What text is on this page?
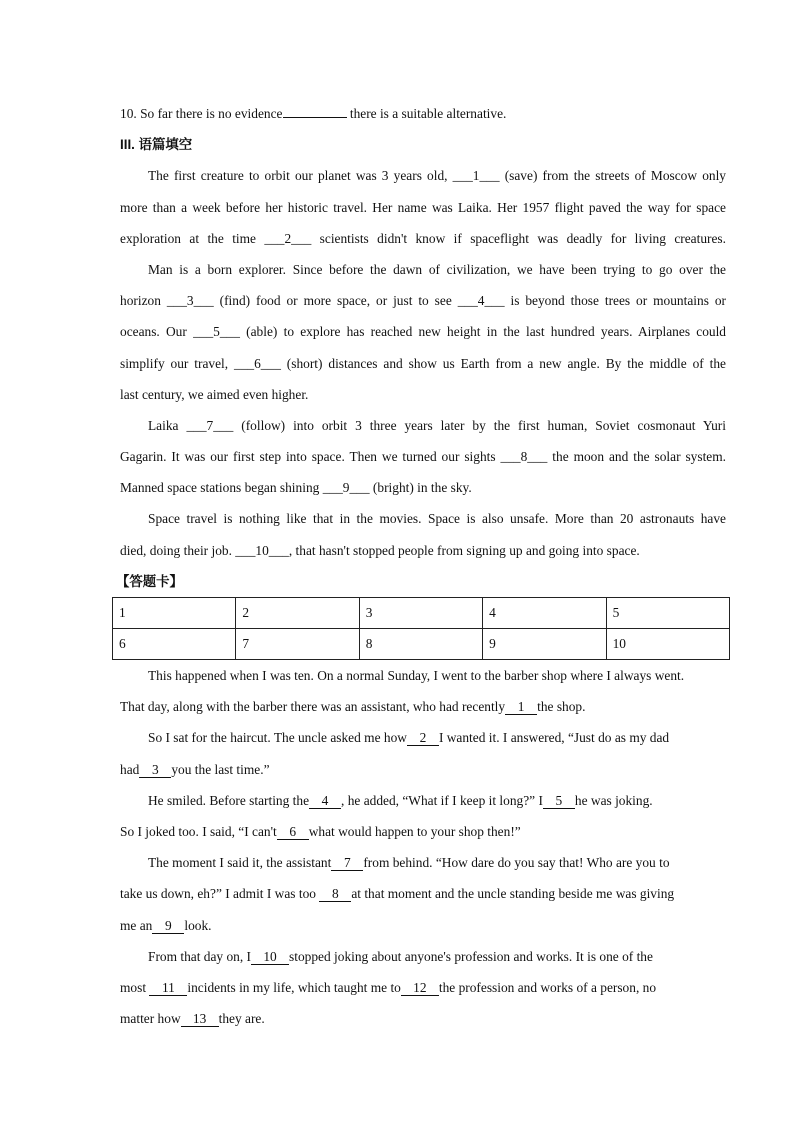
10. So far there is no evidence	there is a suitable alternative.
III. 语篇填空
The first creature to orbit our planet was 3 years old, ___1___ (save) from the streets of Moscow only
more than a week before her historic travel. Her name was Laika. Her 1957 flight paved the way for space
exploration at the time ___2___ scientists didn't know if spaceflight was deadly for living creatures.
Man is a born explorer. Since before the dawn of civilization, we have been trying to go over the
horizon ___3___ (find) food or more space, or just to see ___4___ is beyond those trees or mountains or
oceans. Our ___5___ (able) to explore has reached new height in the last hundred years. Airplanes could
simplify our travel, ___6___ (short) distances and show us Earth from a new angle. By the middle of the
last century, we aimed even higher.
Laika ___7___ (follow) into orbit 3 three years later by the first human, Soviet cosmonaut Yuri
Gagarin. It was our first step into space. Then we turned our sights ___8___ the moon and the solar system.
Manned space stations began shining ___9___ (bright) in the sky.
Space travel is nothing like that in the movies. Space is also unsafe. More than 20 astronauts have
died, doing their job. ___10___, that hasn't stopped people from signing up and going into space.
【答题卡】
1	2	3	4	5
6	7	8	9	10
This happened when I was ten. On a normal Sunday, I went to the barber shop where I always went.
That day, along with the barber there was an assistant, who had recently 1 the shop.
So I sat for the haircut. The uncle asked me how 2 I wanted it. I answered, “Just do as my dad
had 3 you the last time.”
He smiled. Before starting the 4 , he added, “What if I keep it long?” I 5 he was joking.
So I joked too. I said, “I can't 6 what would happen to your shop then!”
The moment I said it, the assistant 7 from behind. “How dare do you say that! Who are you to
take us down, eh?” I admit I was too 8 at that moment and the uncle standing beside me was giving
me an 9 look.
From that day on, I 10 stopped joking about anyone's profession and works. It is one of the
most 11 incidents in my life, which taught me to 12 the profession and works of a person, no
matter how 13 they are.
